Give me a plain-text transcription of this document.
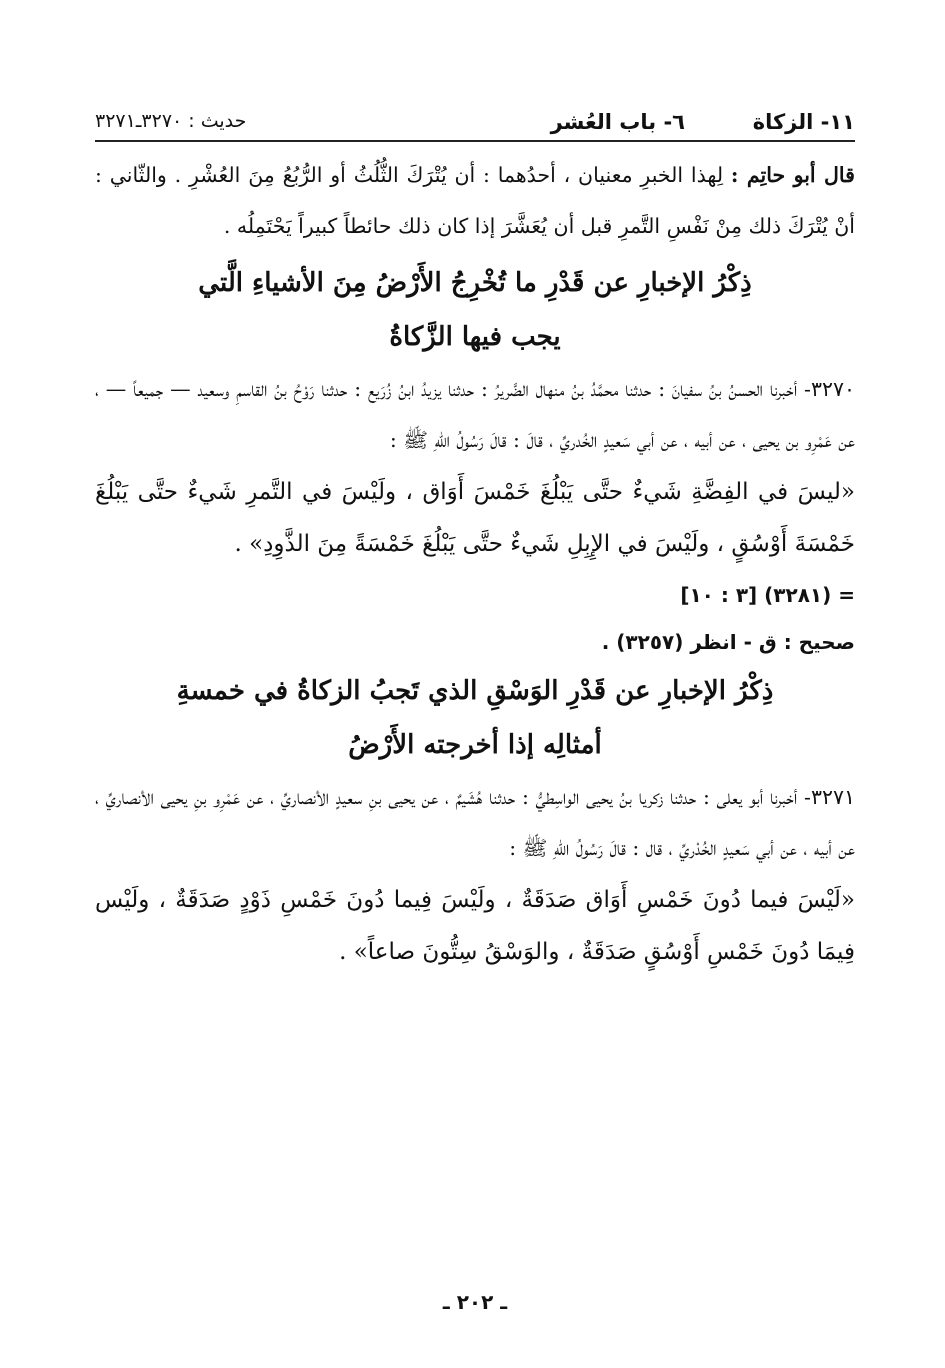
١١- الزكاة
٦- باب العُشر
حديث : ٣٢٧٠ـ٣٢٧١

قال أبو حاتِم : لِهذا الخبرِ معنيان ، أحدُهما : أن يُتْرَكَ الثُّلُثُ أو الرُّبُعُ مِنَ العُشْرِ . والثّاني : أنْ يُتْرَكَ ذلك مِنْ نَفْسِ التَّمرِ قبل أن يُعَشَّرَ إذا كان ذلك حائطاً كبيراً يَحْتَمِلُه .

ذِكْرُ الإخبارِ عن قَدْرِ ما تُخْرِجُ الأَرْضُ مِنَ الأشياءِ الَّتي

يجب فيها الزَّكاةُ

٣٢٧٠- أخبرنا الحسنُ بنُ سفيانَ : حدثنا محمَّدُ بنُ منهال الضَّريرُ : حدثنا يزيدُ ابنُ زُرَيع : حدثنا رَوْحُ بنُ القاسمِ وسعيد — جميعاً — ، عن عَمْرِو بن يحيى ، عن أبيه ، عن أبي سَعيدٍ الخُدريِّ ، قالَ : قالَ رَسُولُ اللّهِ ﷺ :

«ليسَ في الفِضَّةِ شَيءٌ حتَّى يَبْلُغَ خَمْسَ أَوَاق ، ولَيْسَ في التَّمرِ شَيءٌ حتَّى يَبْلُغَ خَمْسَةَ أَوْسُقٍ ، ولَيْسَ في الإِبِلِ شَيءٌ حتَّى يَبْلُغَ خَمْسَةً مِنَ الذَّوِدِ» .

= (٣٢٨١) [٣ : ١٠]

صحيح : ق - انظر (٣٢٥٧) .

ذِكْرُ الإخبارِ عن قَدْرِ الوَسْقِ الذي تَجبُ الزكاةُ في خمسةِ

أمثالِه إذا أخرجته الأَرْضُ

٣٢٧١- أخبرنا أبو يعلى : حدثنا زكريا بنُ يحيى الواسِطيُّ : حدثنا هُشَيمٌ ، عن يحيى بنِ سعيدٍ الأنصاريِّ ، عن عَمْرِو بنِ يحيى الأنصاريِّ ، عن أبيه ، عن أبي سَعيدٍ الخُدْريِّ ، قال : قالَ رَسُولُ اللّهِ ﷺ :

«لَيْسَ فيما دُونَ خَمْسِ أَوَاق صَدَقَةٌ ، ولَيْسَ فِيما دُونَ خَمْسِ ذَوْدٍ صَدَقَةٌ ، ولَيْس فِيمَا دُونَ خَمْسِ أَوْسُقٍ صَدَقَةٌ ، والوَسْقُ سِتُّونَ صاعاً» .

ـ ٢٠٢ ـ
